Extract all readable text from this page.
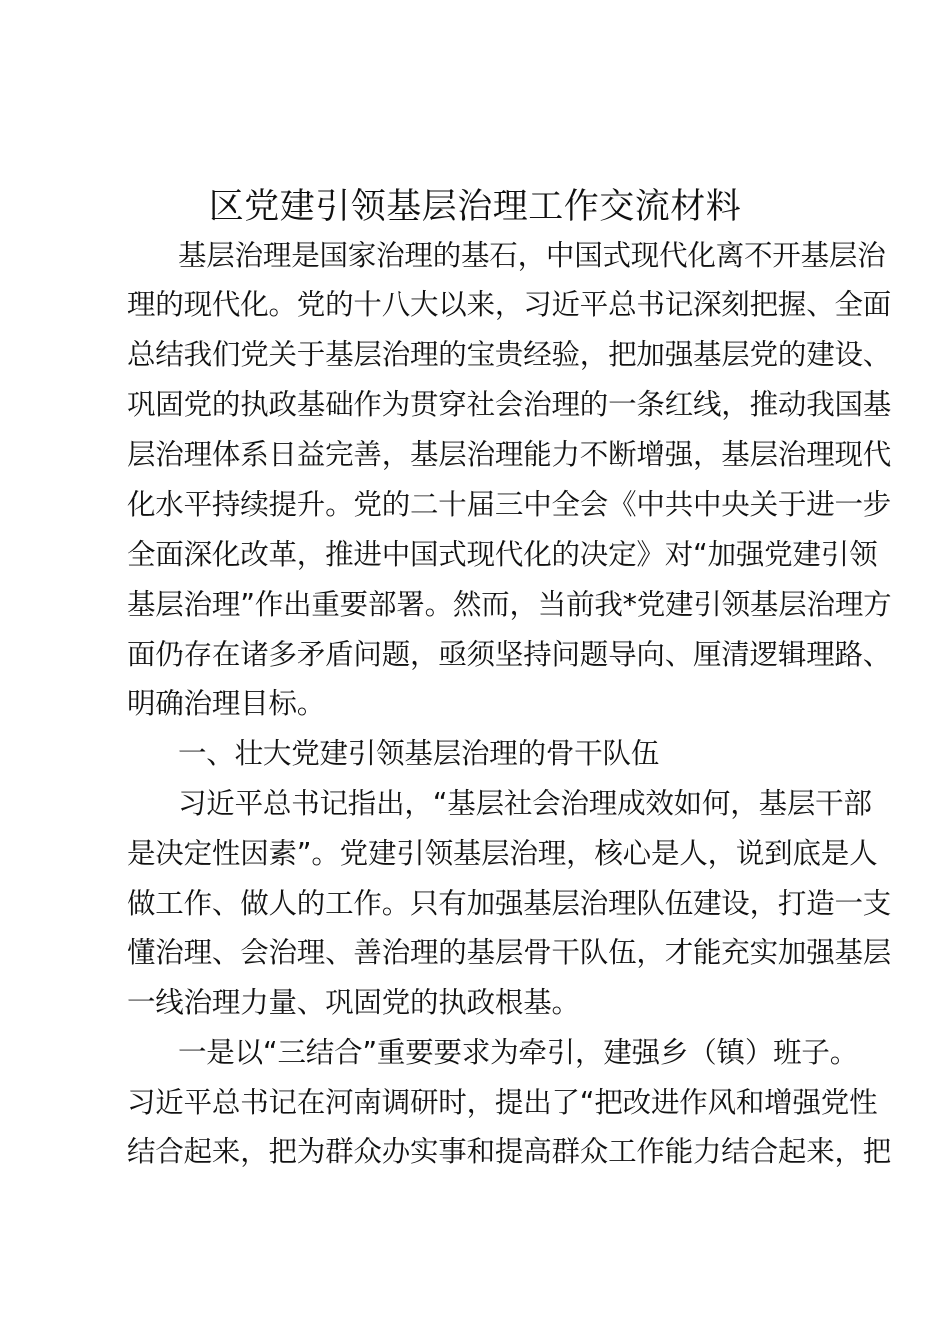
区党建引领基层治理工作交流材料
基层治理是国家治理的基石，中国式现代化离不开基层治
理的现代化。党的十八大以来，习近平总书记深刻把握、全面
总结我们党关于基层治理的宝贵经验，把加强基层党的建设、
巩固党的执政基础作为贯穿社会治理的一条红线，推动我国基
层治理体系日益完善，基层治理能力不断增强，基层治理现代
化水平持续提升。党的二十届三中全会《中共中央关于进一步
全面深化改革，推进中国式现代化的决定》对“加强党建引领
基层治理”作出重要部署。然而，当前我*党建引领基层治理方
面仍存在诸多矛盾问题，亟须坚持问题导向、厘清逻辑理路、
明确治理目标。
一、壮大党建引领基层治理的骨干队伍
习近平总书记指出，“基层社会治理成效如何，基层干部
是决定性因素”。党建引领基层治理，核心是人，说到底是人
做工作、做人的工作。只有加强基层治理队伍建设，打造一支
懂治理、会治理、善治理的基层骨干队伍，才能充实加强基层
一线治理力量、巩固党的执政根基。
一是以“三结合”重要要求为牵引，建强乡（镇）班子。
习近平总书记在河南调研时，提出了“把改进作风和增强党性
结合起来，把为群众办实事和提高群众工作能力结合起来，把
